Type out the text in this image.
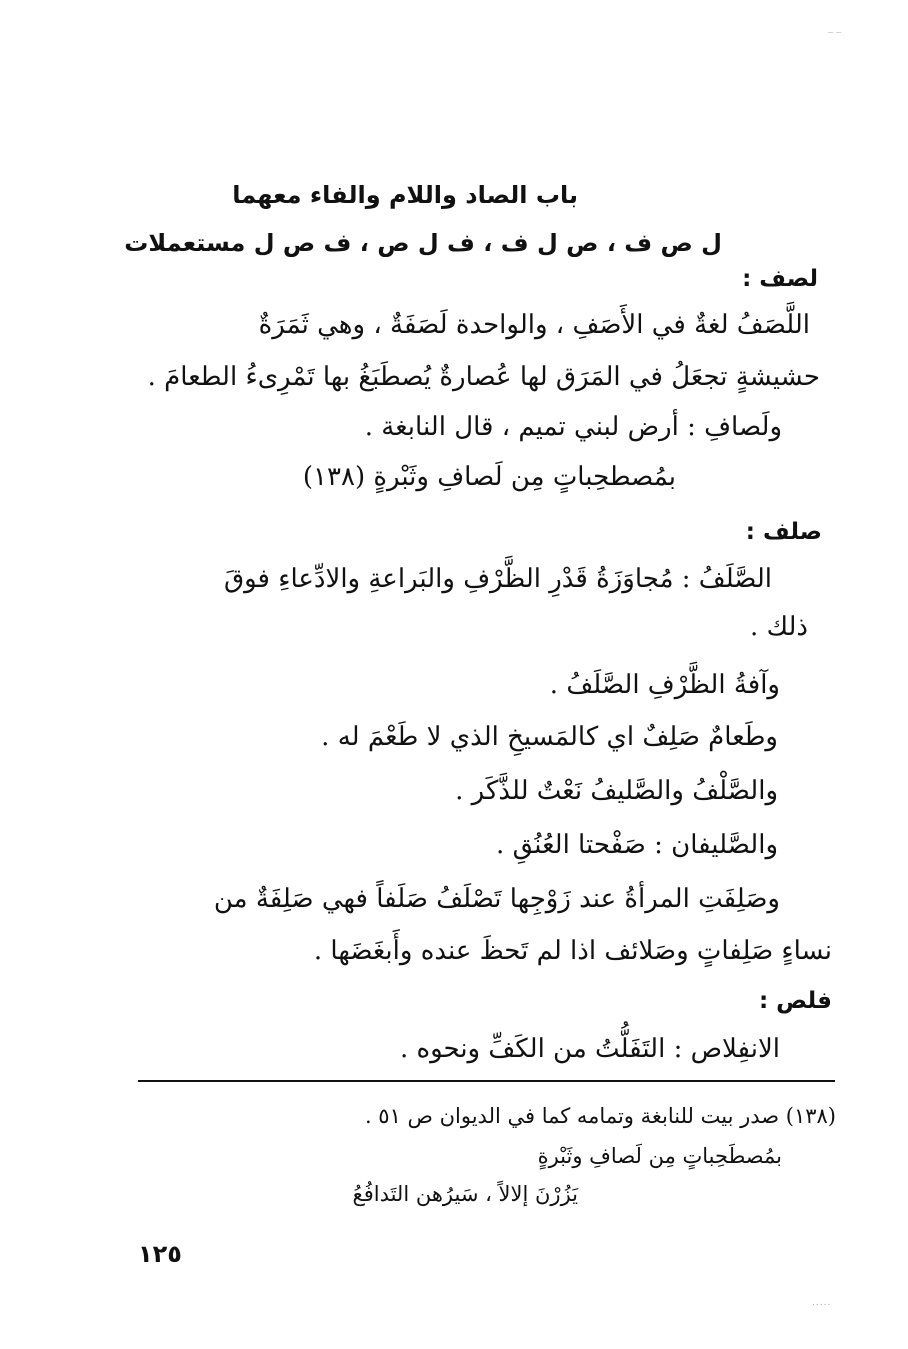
‾ ‾
باب الصاد واللام والفاء معهما
ل ص ف ، ص ل ف ، ف ل ص ، ف ص ل مستعملات
لصف :
اللَّصَفُ لغةٌ في الأَصَفِ ، والواحدة لَصَفَةٌ ، وهي ثَمَرَةٌ
حشيشةٍ تجعَلُ في المَرَق لها عُصارةٌ يُصطَبَغُ بها تَمْرِىءُ الطعامَ .
ولَصافِ : أرض لبني تميم ، قال النابغة .
بمُصطحِباتٍ مِن لَصافِ وثَبْرةٍ (١٣٨)
صلف :
الصَّلَفُ : مُجاوَزَةُ قَدْرِ الظَّرْفِ والبَراعةِ والادِّعاءِ فوقَ
ذلك .
وآفةُ الظَّرْفِ الصَّلَفُ .
وطَعامٌ صَلِفٌ اي كالمَسيخِ الذي لا طَعْمَ له .
والصَّلْفُ والصَّليفُ نَعْتٌ للذَّكَر .
والصَّليفان : صَفْحتا العُنُقِ .
وصَلِفَتِ المرأةُ عند زَوْجِها تَصْلَفُ صَلَفاً فهي صَلِفَةٌ من
نساءٍ صَلِفاتٍ وصَلائف اذا لم تَحظَ عنده وأَبغَضَها .
فلص :
الانفِلاص : التَفَلُّتُ من الكَفِّ ونحوه .
(١٣٨) صدر بيت للنابغة وتمامه كما في الديوان ص ٥١ .
بمُصطَحِباتٍ مِن لَصافِ وثَبْرةٍ
يَزُرْنَ إلالاً ، سَيرُهن التَدافُعُ
١٢٥
.....
